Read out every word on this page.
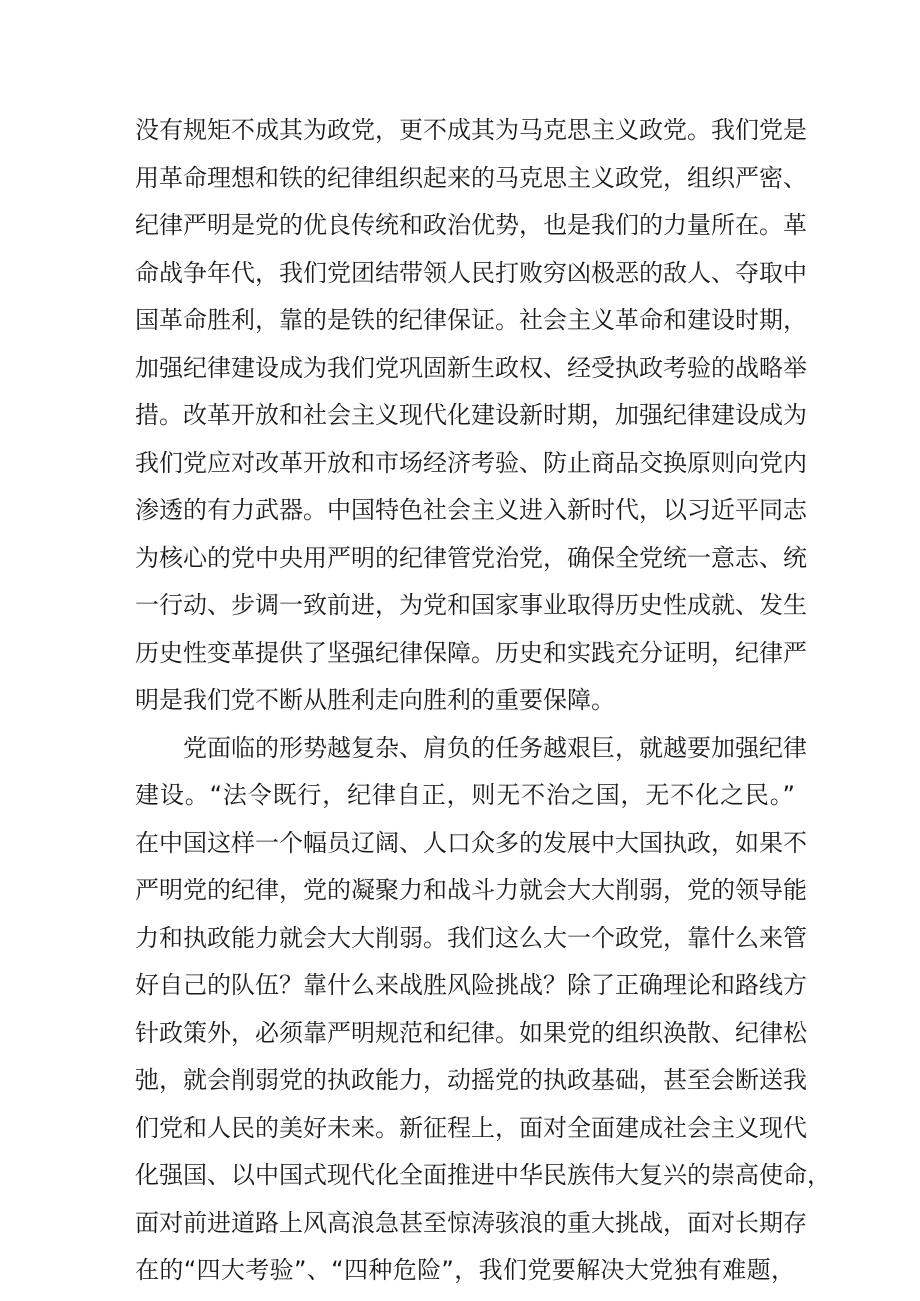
没有规矩不成其为政党，更不成其为马克思主义政党。我们党是
用革命理想和铁的纪律组织起来的马克思主义政党，组织严密、
纪律严明是党的优良传统和政治优势，也是我们的力量所在。革
命战争年代，我们党团结带领人民打败穷凶极恶的敌人、夺取中
国革命胜利，靠的是铁的纪律保证。社会主义革命和建设时期，
加强纪律建设成为我们党巩固新生政权、经受执政考验的战略举
措。改革开放和社会主义现代化建设新时期，加强纪律建设成为
我们党应对改革开放和市场经济考验、防止商品交换原则向党内
渗透的有力武器。中国特色社会主义进入新时代，以习近平同志
为核心的党中央用严明的纪律管党治党，确保全党统一意志、统
一行动、步调一致前进，为党和国家事业取得历史性成就、发生
历史性变革提供了坚强纪律保障。历史和实践充分证明，纪律严
明是我们党不断从胜利走向胜利的重要保障。
党面临的形势越复杂、肩负的任务越艰巨，就越要加强纪律
建设。“法令既行，纪律自正，则无不治之国，无不化之民。”
在中国这样一个幅员辽阔、人口众多的发展中大国执政，如果不
严明党的纪律，党的凝聚力和战斗力就会大大削弱，党的领导能
力和执政能力就会大大削弱。我们这么大一个政党，靠什么来管
好自己的队伍？靠什么来战胜风险挑战？除了正确理论和路线方
针政策外，必须靠严明规范和纪律。如果党的组织涣散、纪律松
弛，就会削弱党的执政能力，动摇党的执政基础，甚至会断送我
们党和人民的美好未来。新征程上，面对全面建成社会主义现代
化强国、以中国式现代化全面推进中华民族伟大复兴的崇高使命，
面对前进道路上风高浪急甚至惊涛骇浪的重大挑战，面对长期存
在的“四大考验”、“四种危险”，我们党要解决大党独有难题，
